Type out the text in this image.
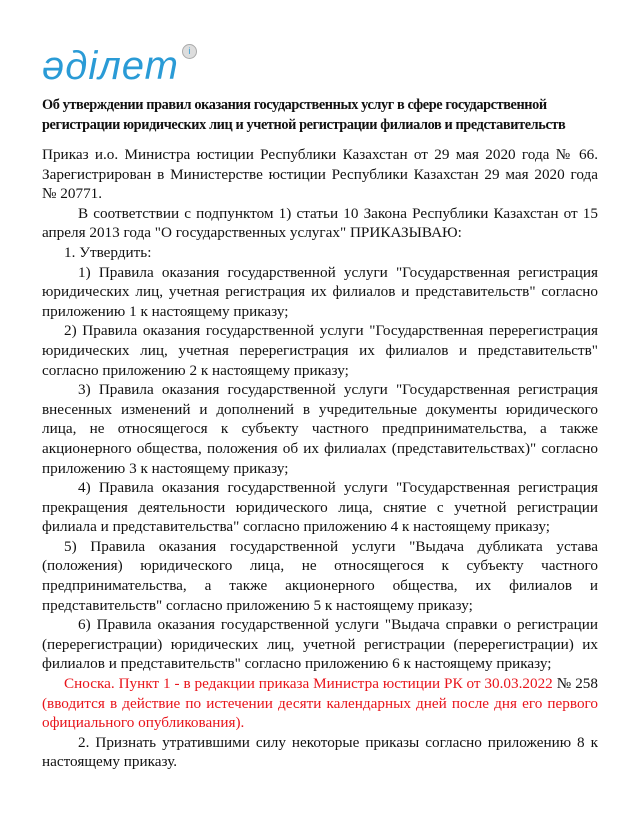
әділет i
Об утверждении правил оказания государственных услуг в сфере государственной регистрации юридических лиц и учетной регистрации филиалов и представительств

Приказ и.о. Министра юстиции Республики Казахстан от 29 мая 2020 года № 66. Зарегистрирован в Министерстве юстиции Республики Казахстан 29 мая 2020 года № 20771.

В соответствии с подпунктом 1) статьи 10 Закона Республики Казахстан от 15 апреля 2013 года "О государственных услугах" ПРИКАЗЫВАЮ:

1. Утвердить:

1) Правила оказания государственной услуги "Государственная регистрация юридических лиц, учетная регистрация их филиалов и представительств" согласно приложению 1 к настоящему приказу;

2) Правила оказания государственной услуги "Государственная перерегистрация юридических лиц, учетная перерегистрация их филиалов и представительств" согласно приложению 2 к настоящему приказу;

3) Правила оказания государственной услуги "Государственная регистрация внесенных изменений и дополнений в учредительные документы юридического лица, не относящегося к субъекту частного предпринимательства, а также акционерного общества, положения об их филиалах (представительствах)" согласно приложению 3 к настоящему приказу;

4) Правила оказания государственной услуги "Государственная регистрация прекращения деятельности юридического лица, снятие с учетной регистрации филиала и представительства" согласно приложению 4 к настоящему приказу;

5) Правила оказания государственной услуги "Выдача дубликата устава (положения) юридического лица, не относящегося к субъекту частного предпринимательства, а также акционерного общества, их филиалов и представительств" согласно приложению 5 к настоящему приказу;

6) Правила оказания государственной услуги "Выдача справки о регистрации (перерегистрации) юридических лиц, учетной регистрации (перерегистрации) их филиалов и представительств" согласно приложению 6 к настоящему приказу;

Сноска. Пункт 1 - в редакции приказа Министра юстиции РК от 30.03.2022 № 258 (вводится в действие по истечении десяти календарных дней после дня его первого официального опубликования).

2. Признать утратившими силу некоторые приказы согласно приложению 8 к настоящему приказу.
